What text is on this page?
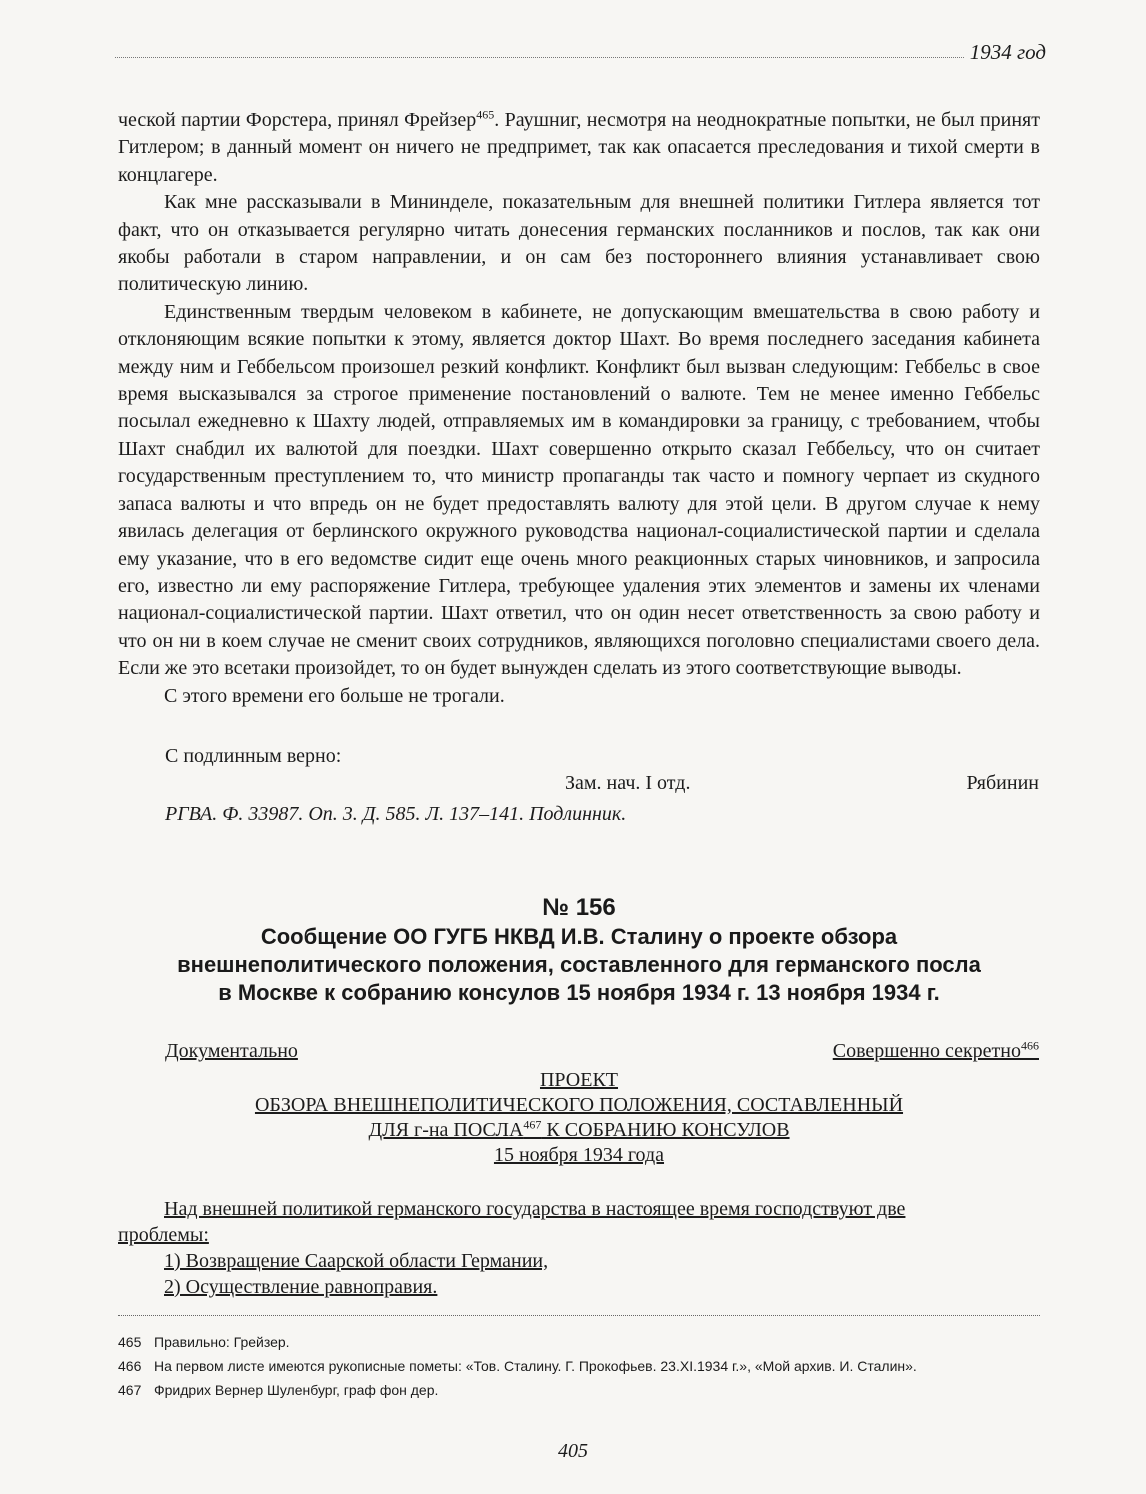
1934 год

ческой партии Форстера, принял Фрейзер$^{465}$. Раушниг, несмотря на неоднократные попытки, не был принят Гитлером; в данный момент он ничего не предпримет, так как опасается преследования и тихой смерти в концлагере.

Как мне рассказывали в Мининделе, показательным для внешней политики Гитлера является тот факт, что он отказывается регулярно читать донесения германских посланников и послов, так как они якобы работали в старом направлении, и он сам без постороннего влияния устанавливает свою политическую линию.

Единственным твердым человеком в кабинете, не допускающим вмешательства в свою работу и отклоняющим всякие попытки к этому, является доктор Шахт. Во время последнего заседания кабинета между ним и Геббельсом произошел резкий конфликт. Конфликт был вызван следующим: Геббельс в свое время высказывался за строгое применение постановлений о валюте. Тем не менее именно Геббельс посылал ежедневно к Шахту людей, отправляемых им в командировки за границу, с требованием, чтобы Шахт снабдил их валютой для поездки. Шахт совершенно открыто сказал Геббельсу, что он считает государственным преступлением то, что министр пропаганды так часто и помногу черпает из скудного запаса валюты и что впредь он не будет предоставлять валюту для этой цели. В другом случае к нему явилась делегация от берлинского окружного руководства национал-социалистической партии и сделала ему указание, что в его ведомстве сидит еще очень много реакционных старых чиновников, и запросила его, известно ли ему распоряжение Гитлера, требующее удаления этих элементов и замены их членами национал-социалистической партии. Шахт ответил, что он один несет ответственность за свою работу и что он ни в коем случае не сменит своих сотрудников, являющихся поголовно специалистами своего дела. Если же это всетаки произойдет, то он будет вынужден сделать из этого соответствующие выводы.

С этого времени его больше не трогали.

С подлинным верно:
Зам. нач. I отд.	Рябинин
РГВА. Ф. 33987. Оп. 3. Д. 585. Л. 137–141. Подлинник.
№ 156
Сообщение ОО ГУГБ НКВД И.В. Сталину о проекте обзора
внешнеполитического положения, составленного для германского посла
в Москве к собранию консулов 15 ноября 1934 г. 13 ноября 1934 г.
Документально	Совершенно секретно$^{466}$
ПРОЕКТ
ОБЗОРА ВНЕШНЕПОЛИТИЧЕСКОГО ПОЛОЖЕНИЯ, СОСТАВЛЕННЫЙ
ДЛЯ г-на ПОСЛА$^{467}$ К СОБРАНИЮ КОНСУЛОВ
15 ноября 1934 года
Над внешней политикой германского государства в настоящее время господствуют две
проблемы:
1) Возвращение Саарской области Германии,
2) Осуществление равноправия.
465 Правильно: Грейзер.
466 На первом листе имеются рукописные пометы: «Тов. Сталину. Г. Прокофьев. 23.XI.1934 г.», «Мой архив. И. Сталин».
467 Фридрих Вернер Шуленбург, граф фон дер.
405
